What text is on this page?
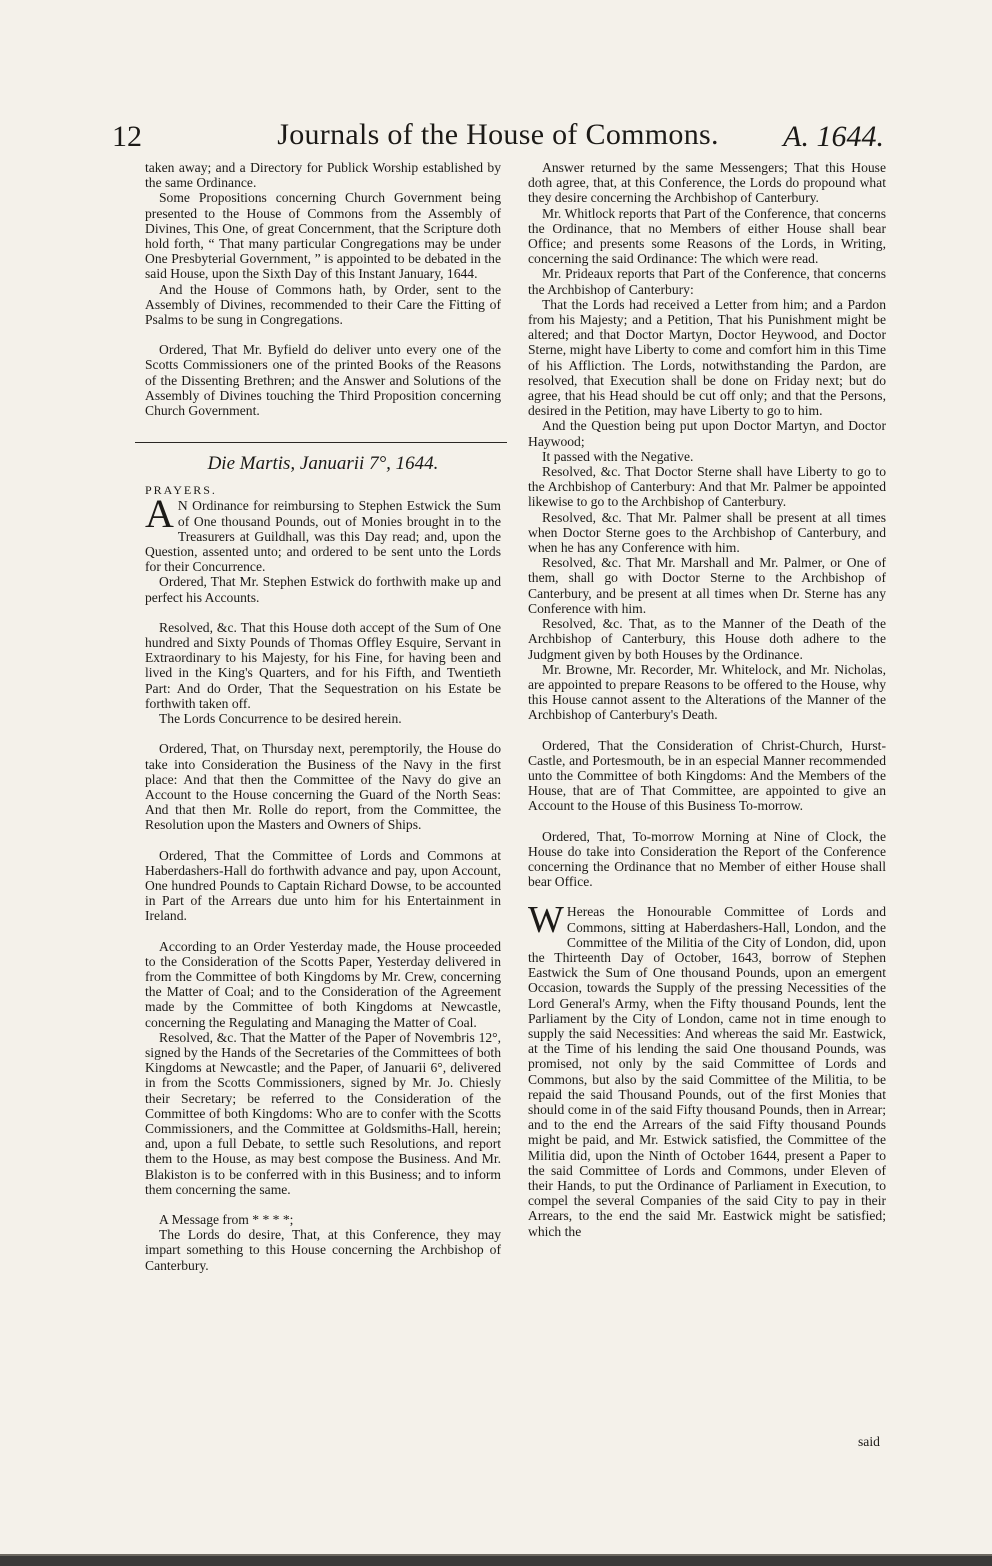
12	Journals of the House of Commons.	A. 1644.

taken away; and a Directory for Publick Worship established by the same Ordinance.

Some Propositions concerning Church Government being presented to the House of Commons from the Assembly of Divines, This One, of great Concernment, that the Scripture doth hold forth, “ That many particular Congregations may be under One Presbyterial Government, ” is appointed to be debated in the said House, upon the Sixth Day of this Instant January, 1644.

And the House of Commons hath, by Order, sent to the Assembly of Divines, recommended to their Care the Fitting of Psalms to be sung in Congregations.

Ordered, That Mr. Byfield do deliver unto every one of the Scotts Commissioners one of the printed Books of the Reasons of the Dissenting Brethren; and the Answer and Solutions of the Assembly of Divines touching the Third Proposition concerning Church Government.

Die Martis, Januarii 7°, 1644.

PRAYERS.

A N Ordinance for reimbursing to Stephen Estwick the Sum of One thousand Pounds, out of Monies brought in to the Treasurers at Guildhall, was this Day read; and, upon the Question, assented unto; and ordered to be sent unto the Lords for their Concurrence.

Ordered, That Mr. Stephen Estwick do forthwith make up and perfect his Accounts.

Resolved, &c. That this House doth accept of the Sum of One hundred and Sixty Pounds of Thomas Offley Esquire, Servant in Extraordinary to his Majesty, for his Fine, for having been and lived in the King's Quarters, and for his Fifth, and Twentieth Part: And do Order, That the Sequestration on his Estate be forthwith taken off.

The Lords Concurrence to be desired herein.

Ordered, That, on Thursday next, peremptorily, the House do take into Consideration the Business of the Navy in the first place: And that then the Committee of the Navy do give an Account to the House concerning the Guard of the North Seas: And that then Mr. Rolle do report, from the Committee, the Resolution upon the Masters and Owners of Ships.

Ordered, That the Committee of Lords and Commons at Haberdashers-Hall do forthwith advance and pay, upon Account, One hundred Pounds to Captain Richard Dowse, to be accounted in Part of the Arrears due unto him for his Entertainment in Ireland.

According to an Order Yesterday made, the House proceeded to the Consideration of the Scotts Paper, Yesterday delivered in from the Committee of both Kingdoms by Mr. Crew, concerning the Matter of Coal; and to the Consideration of the Agreement made by the Committee of both Kingdoms at Newcastle, concerning the Regulating and Managing the Matter of Coal.

Resolved, &c. That the Matter of the Paper of Novembris 12°, signed by the Hands of the Secretaries of the Committees of both Kingdoms at Newcastle; and the Paper, of Januarii 6°, delivered in from the Scotts Commissioners, signed by Mr. Jo. Chiesly their Secretary; be referred to the Consideration of the Committee of both Kingdoms: Who are to confer with the Scotts Commissioners, and the Committee at Goldsmiths-Hall, herein; and, upon a full Debate, to settle such Resolutions, and report them to the House, as may best compose the Business. And Mr. Blakiston is to be conferred with in this Business; and to inform them concerning the same.

A Message from * * * *;

The Lords do desire, That, at this Conference, they may impart something to this House concerning the Archbishop of Canterbury.

Answer returned by the same Messengers; That this House doth agree, that, at this Conference, the Lords do propound what they desire concerning the Archbishop of Canterbury.

Mr. Whitlock reports that Part of the Conference, that concerns the Ordinance, that no Members of either House shall bear Office; and presents some Reasons of the Lords, in Writing, concerning the said Ordinance: The which were read.

Mr. Prideaux reports that Part of the Conference, that concerns the Archbishop of Canterbury:

That the Lords had received a Letter from him; and a Pardon from his Majesty; and a Petition, That his Punishment might be altered; and that Doctor Martyn, Doctor Heywood, and Doctor Sterne, might have Liberty to come and comfort him in this Time of his Affliction. The Lords, notwithstanding the Pardon, are resolved, that Execution shall be done on Friday next; but do agree, that his Head should be cut off only; and that the Persons, desired in the Petition, may have Liberty to go to him.

And the Question being put upon Doctor Martyn, and Doctor Haywood;

It passed with the Negative.

Resolved, &c. That Doctor Sterne shall have Liberty to go to the Archbishop of Canterbury: And that Mr. Palmer be appointed likewise to go to the Archbishop of Canterbury.

Resolved, &c. That Mr. Palmer shall be present at all times when Doctor Sterne goes to the Archbishop of Canterbury, and when he has any Conference with him.

Resolved, &c. That Mr. Marshall and Mr. Palmer, or One of them, shall go with Doctor Sterne to the Archbishop of Canterbury, and be present at all times when Dr. Sterne has any Conference with him.

Resolved, &c. That, as to the Manner of the Death of the Archbishop of Canterbury, this House doth adhere to the Judgment given by both Houses by the Ordinance.

Mr. Browne, Mr. Recorder, Mr. Whitelock, and Mr. Nicholas, are appointed to prepare Reasons to be offered to the House, why this House cannot assent to the Alterations of the Manner of the Archbishop of Canterbury's Death.

Ordered, That the Consideration of Christ-Church, Hurst-Castle, and Portesmouth, be in an especial Manner recommended unto the Committee of both Kingdoms: And the Members of the House, that are of That Committee, are appointed to give an Account to the House of this Business To-morrow.

Ordered, That, To-morrow Morning at Nine of Clock, the House do take into Consideration the Report of the Conference concerning the Ordinance that no Member of either House shall bear Office.

W Hereas the Honourable Committee of Lords and Commons, sitting at Haberdashers-Hall, London, and the Committee of the Militia of the City of London, did, upon the Thirteenth Day of October, 1643, borrow of Stephen Eastwick the Sum of One thousand Pounds, upon an emergent Occasion, towards the Supply of the pressing Necessities of the Lord General's Army, when the Fifty thousand Pounds, lent the Parliament by the City of London, came not in time enough to supply the said Necessities: And whereas the said Mr. Eastwick, at the Time of his lending the said One thousand Pounds, was promised, not only by the said Committee of Lords and Commons, but also by the said Committee of the Militia, to be repaid the said Thousand Pounds, out of the first Monies that should come in of the said Fifty thousand Pounds, then in Arrear; and to the end the Arrears of the said Fifty thousand Pounds might be paid, and Mr. Estwick satisfied, the Committee of the Militia did, upon the Ninth of October 1644, present a Paper to the said Committee of Lords and Commons, under Eleven of their Hands, to put the Ordinance of Parliament in Execution, to compel the several Companies of the said City to pay in their Arrears, to the end the said Mr. Eastwick might be satisfied; which the

said
